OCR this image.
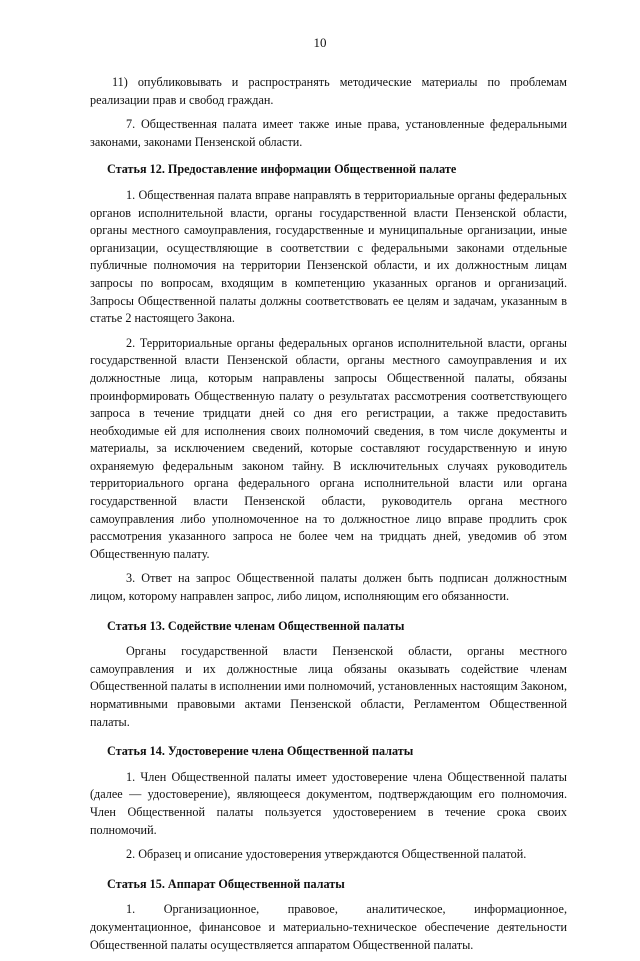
10

11) опубликовывать и распространять методические материалы по проблемам реализации прав и свобод граждан.

7. Общественная палата имеет также иные права, установленные федеральными законами, законами Пензенской области.

Статья 12. Предоставление информации Общественной палате

1. Общественная палата вправе направлять в территориальные органы федеральных органов исполнительной власти, органы государственной власти Пензенской области, органы местного самоуправления, государственные и муниципальные организации, иные организации, осуществляющие в соответствии с федеральными законами отдельные публичные полномочия на территории Пензенской области, и их должностным лицам запросы по вопросам, входящим в компетенцию указанных органов и организаций. Запросы Общественной палаты должны соответствовать ее целям и задачам, указанным в статье 2 настоящего Закона.

2. Территориальные органы федеральных органов исполнительной власти, органы государственной власти Пензенской области, органы местного самоуправления и их должностные лица, которым направлены запросы Общественной палаты, обязаны проинформировать Общественную палату о результатах рассмотрения соответствующего запроса в течение тридцати дней со дня его регистрации, а также предоставить необходимые ей для исполнения своих полномочий сведения, в том числе документы и материалы, за исключением сведений, которые составляют государственную и иную охраняемую федеральным законом тайну. В исключительных случаях руководитель территориального органа федерального органа исполнительной власти или органа государственной власти Пензенской области, руководитель органа местного самоуправления либо уполномоченное на то должностное лицо вправе продлить срок рассмотрения указанного запроса не более чем на тридцать дней, уведомив об этом Общественную палату.

3. Ответ на запрос Общественной палаты должен быть подписан должностным лицом, которому направлен запрос, либо лицом, исполняющим его обязанности.

Статья 13. Содействие членам Общественной палаты

Органы государственной власти Пензенской области, органы местного самоуправления и их должностные лица обязаны оказывать содействие членам Общественной палаты в исполнении ими полномочий, установленных настоящим Законом, нормативными правовыми актами Пензенской области, Регламентом Общественной палаты.

Статья 14. Удостоверение члена Общественной палаты

1. Член Общественной палаты имеет удостоверение члена Общественной палаты (далее — удостоверение), являющееся документом, подтверждающим его полномочия. Член Общественной палаты пользуется удостоверением в течение срока своих полномочий.

2. Образец и описание удостоверения утверждаются Общественной палатой.

Статья 15. Аппарат Общественной палаты

1. Организационное, правовое, аналитическое, информационное, документационное, финансовое и материально-техническое обеспечение деятельности Общественной палаты осуществляется аппаратом Общественной палаты.
